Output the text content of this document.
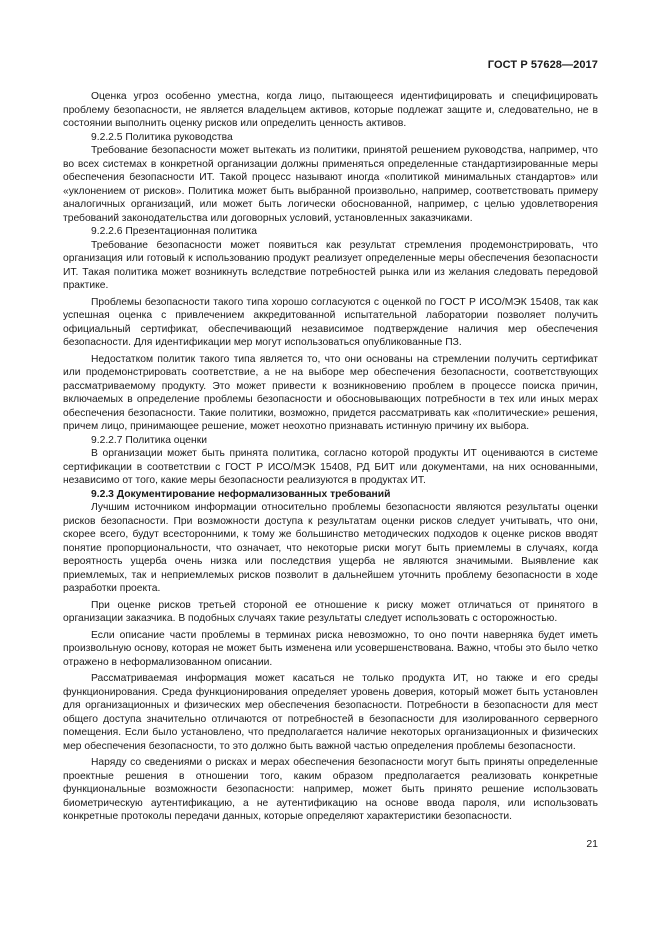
ГОСТ Р 57628—2017

Оценка угроз особенно уместна, когда лицо, пытающееся идентифицировать и специфицировать проблему безопасности, не является владельцем активов, которые подлежат защите и, следовательно, не в состоянии выполнить оценку рисков или определить ценность активов.

9.2.2.5 Политика руководства

Требование безопасности может вытекать из политики, принятой решением руководства, например, что во всех системах в конкретной организации должны применяться определенные стандартизированные меры обеспечения безопасности ИТ. Такой процесс называют иногда «политикой минимальных стандартов» или «уклонением от рисков». Политика может быть выбранной произвольно, например, соответствовать примеру аналогичных организаций, или может быть логически обоснованной, например, с целью удовлетворения требований законодательства или договорных условий, установленных заказчиками.

9.2.2.6 Презентационная политика

Требование безопасности может появиться как результат стремления продемонстрировать, что организация или готовый к использованию продукт реализует определенные меры обеспечения безопасности ИТ. Такая политика может возникнуть вследствие потребностей рынка или из желания следовать передовой практике.

Проблемы безопасности такого типа хорошо согласуются с оценкой по ГОСТ Р ИСО/МЭК 15408, так как успешная оценка с привлечением аккредитованной испытательной лаборатории позволяет получить официальный сертификат, обеспечивающий независимое подтверждение наличия мер обеспечения безопасности. Для идентификации мер могут использоваться опубликованные ПЗ.

Недостатком политик такого типа является то, что они основаны на стремлении получить сертификат или продемонстрировать соответствие, а не на выборе мер обеспечения безопасности, соответствующих рассматриваемому продукту. Это может привести к возникновению проблем в процессе поиска причин, включаемых в определение проблемы безопасности и обосновывающих потребности в тех или иных мерах обеспечения безопасности. Такие политики, возможно, придется рассматривать как «политические» решения, причем лицо, принимающее решение, может неохотно признавать истинную причину их выбора.

9.2.2.7 Политика оценки

В организации может быть принята политика, согласно которой продукты ИТ оцениваются в системе сертификации в соответствии с ГОСТ Р ИСО/МЭК 15408, РД БИТ или документами, на них основанными, независимо от того, какие меры безопасности реализуются в продуктах ИТ.

9.2.3 Документирование неформализованных требований

Лучшим источником информации относительно проблемы безопасности являются результаты оценки рисков безопасности. При возможности доступа к результатам оценки рисков следует учитывать, что они, скорее всего, будут всесторонними, к тому же большинство методических подходов к оценке рисков вводят понятие пропорциональности, что означает, что некоторые риски могут быть приемлемы в случаях, когда вероятность ущерба очень низка или последствия ущерба не являются значимыми. Выявление как приемлемых, так и неприемлемых рисков позволит в дальнейшем уточнить проблему безопасности в ходе разработки проекта.

При оценке рисков третьей стороной ее отношение к риску может отличаться от принятого в организации заказчика. В подобных случаях такие результаты следует использовать с осторожностью.

Если описание части проблемы в терминах риска невозможно, то оно почти наверняка будет иметь произвольную основу, которая не может быть изменена или усовершенствована. Важно, чтобы это было четко отражено в неформализованном описании.

Рассматриваемая информация может касаться не только продукта ИТ, но также и его среды функционирования. Среда функционирования определяет уровень доверия, который может быть установлен для организационных и физических мер обеспечения безопасности. Потребности в безопасности для мест общего доступа значительно отличаются от потребностей в безопасности для изолированного серверного помещения. Если было установлено, что предполагается наличие некоторых организационных и физических мер обеспечения безопасности, то это должно быть важной частью определения проблемы безопасности.

Наряду со сведениями о рисках и мерах обеспечения безопасности могут быть приняты определенные проектные решения в отношении того, каким образом предполагается реализовать конкретные функциональные возможности безопасности: например, может быть принято решение использовать биометрическую аутентификацию, а не аутентификацию на основе ввода пароля, или использовать конкретные протоколы передачи данных, которые определяют характеристики безопасности.

21
